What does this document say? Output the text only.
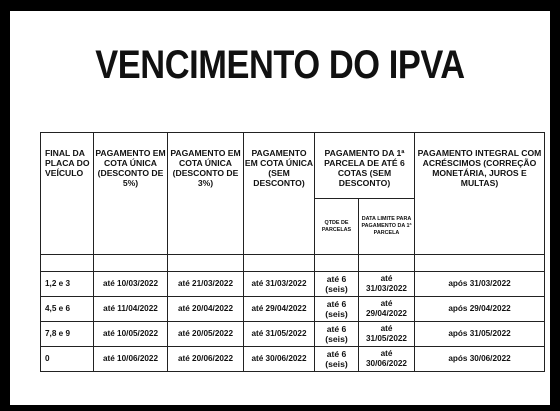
VENCIMENTO DO IPVA
FINAL DA PLACA DO VEÍCULO	PAGAMENTO EM COTA ÚNICA (DESCONTO DE 5%)	PAGAMENTO EM COTA ÚNICA (DESCONTO DE 3%)	PAGAMENTO EM COTA ÚNICA (SEM DESCONTO)	PAGAMENTO DA 1ª PARCELA DE ATÉ 6 COTAS (SEM DESCONTO)		PAGAMENTO INTEGRAL COM ACRÉSCIMOS (CORREÇÃO MONETÁRIA, JUROS E MULTAS)
				QTDE DE PARCELAS	DATA LIMITE PARA PAGAMENTO DA 1ª PARCELA	

1,2 e 3	até 10/03/2022	até 21/03/2022	até 31/03/2022	até 6 (seis)	até 31/03/2022	após 31/03/2022
4,5 e 6	até 11/04/2022	até 20/04/2022	até 29/04/2022	até 6 (seis)	até 29/04/2022	após 29/04/2022
7,8 e 9	até 10/05/2022	até 20/05/2022	até 31/05/2022	até 6 (seis)	até 31/05/2022	após 31/05/2022
0	até 10/06/2022	até 20/06/2022	até 30/06/2022	até 6 (seis)	até 30/06/2022	após 30/06/2022
